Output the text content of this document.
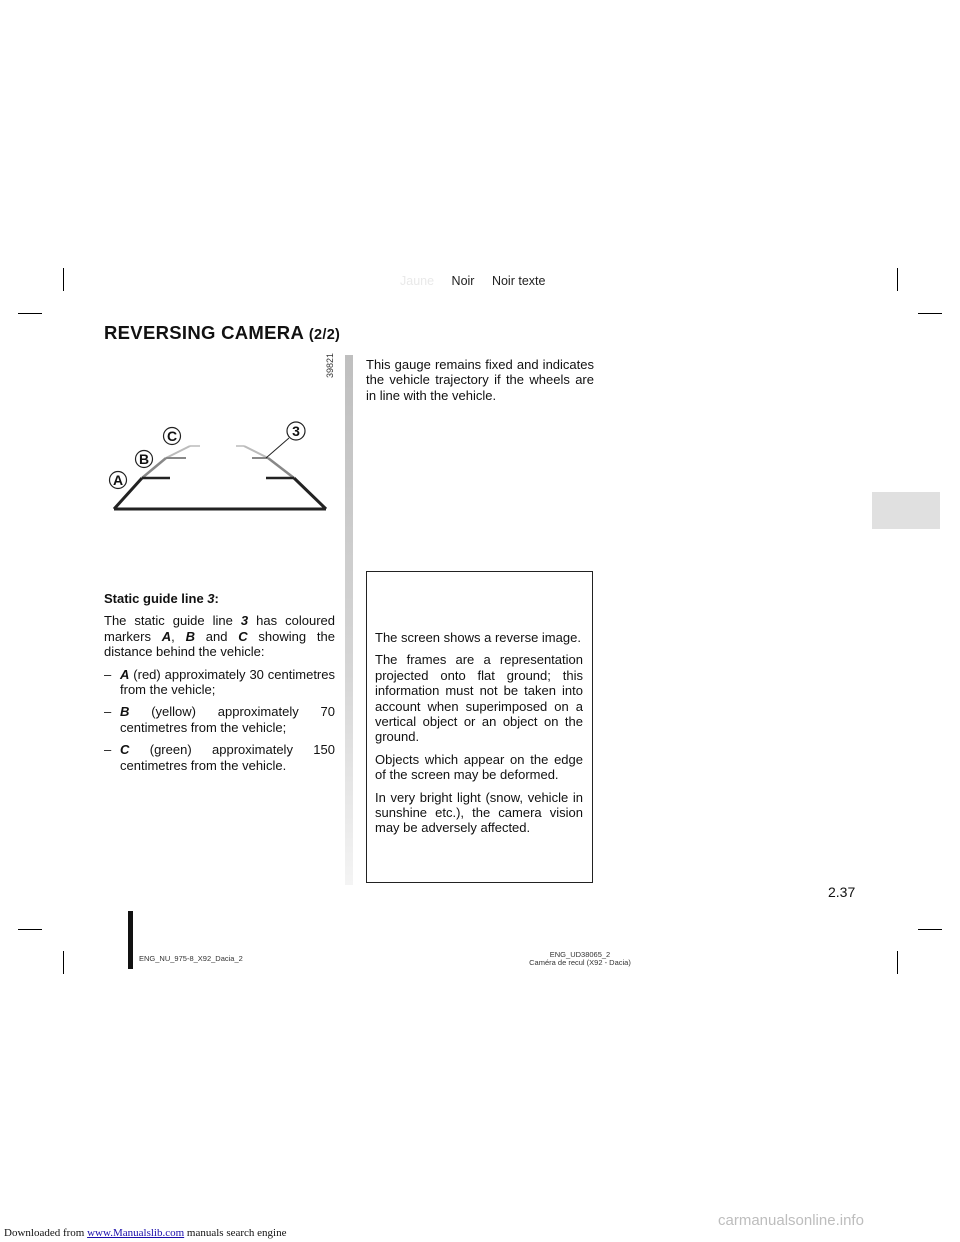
Jaune Noir Noir texte
REVERSING CAMERA (2/2)
39821
A
B
C	3

Static guide line 3:

The static guide line 3 has coloured markers A, B and C showing the distance behind the vehicle:

– A (red) approximately 30 centimetres from the vehicle;
– B (yellow) approximately 70 centimetres from the vehicle;
– C (green) approximately 150 centimetres from the vehicle.

This gauge remains fixed and indicates the vehicle trajectory if the wheels are in line with the vehicle.

The screen shows a reverse image.

The frames are a representation projected onto flat ground; this information must not be taken into account when superimposed on a vertical object or an object on the ground.

Objects which appear on the edge of the screen may be deformed.

In very bright light (snow, vehicle in sunshine etc.), the camera vision may be adversely affected.

2.37
ENG_NU_975-8_X92_Dacia_2	ENG_UD38065_2
Caméra de recul (X92 - Dacia)
carmanualsonline.info
Downloaded from www.Manualslib.com manuals search engine
